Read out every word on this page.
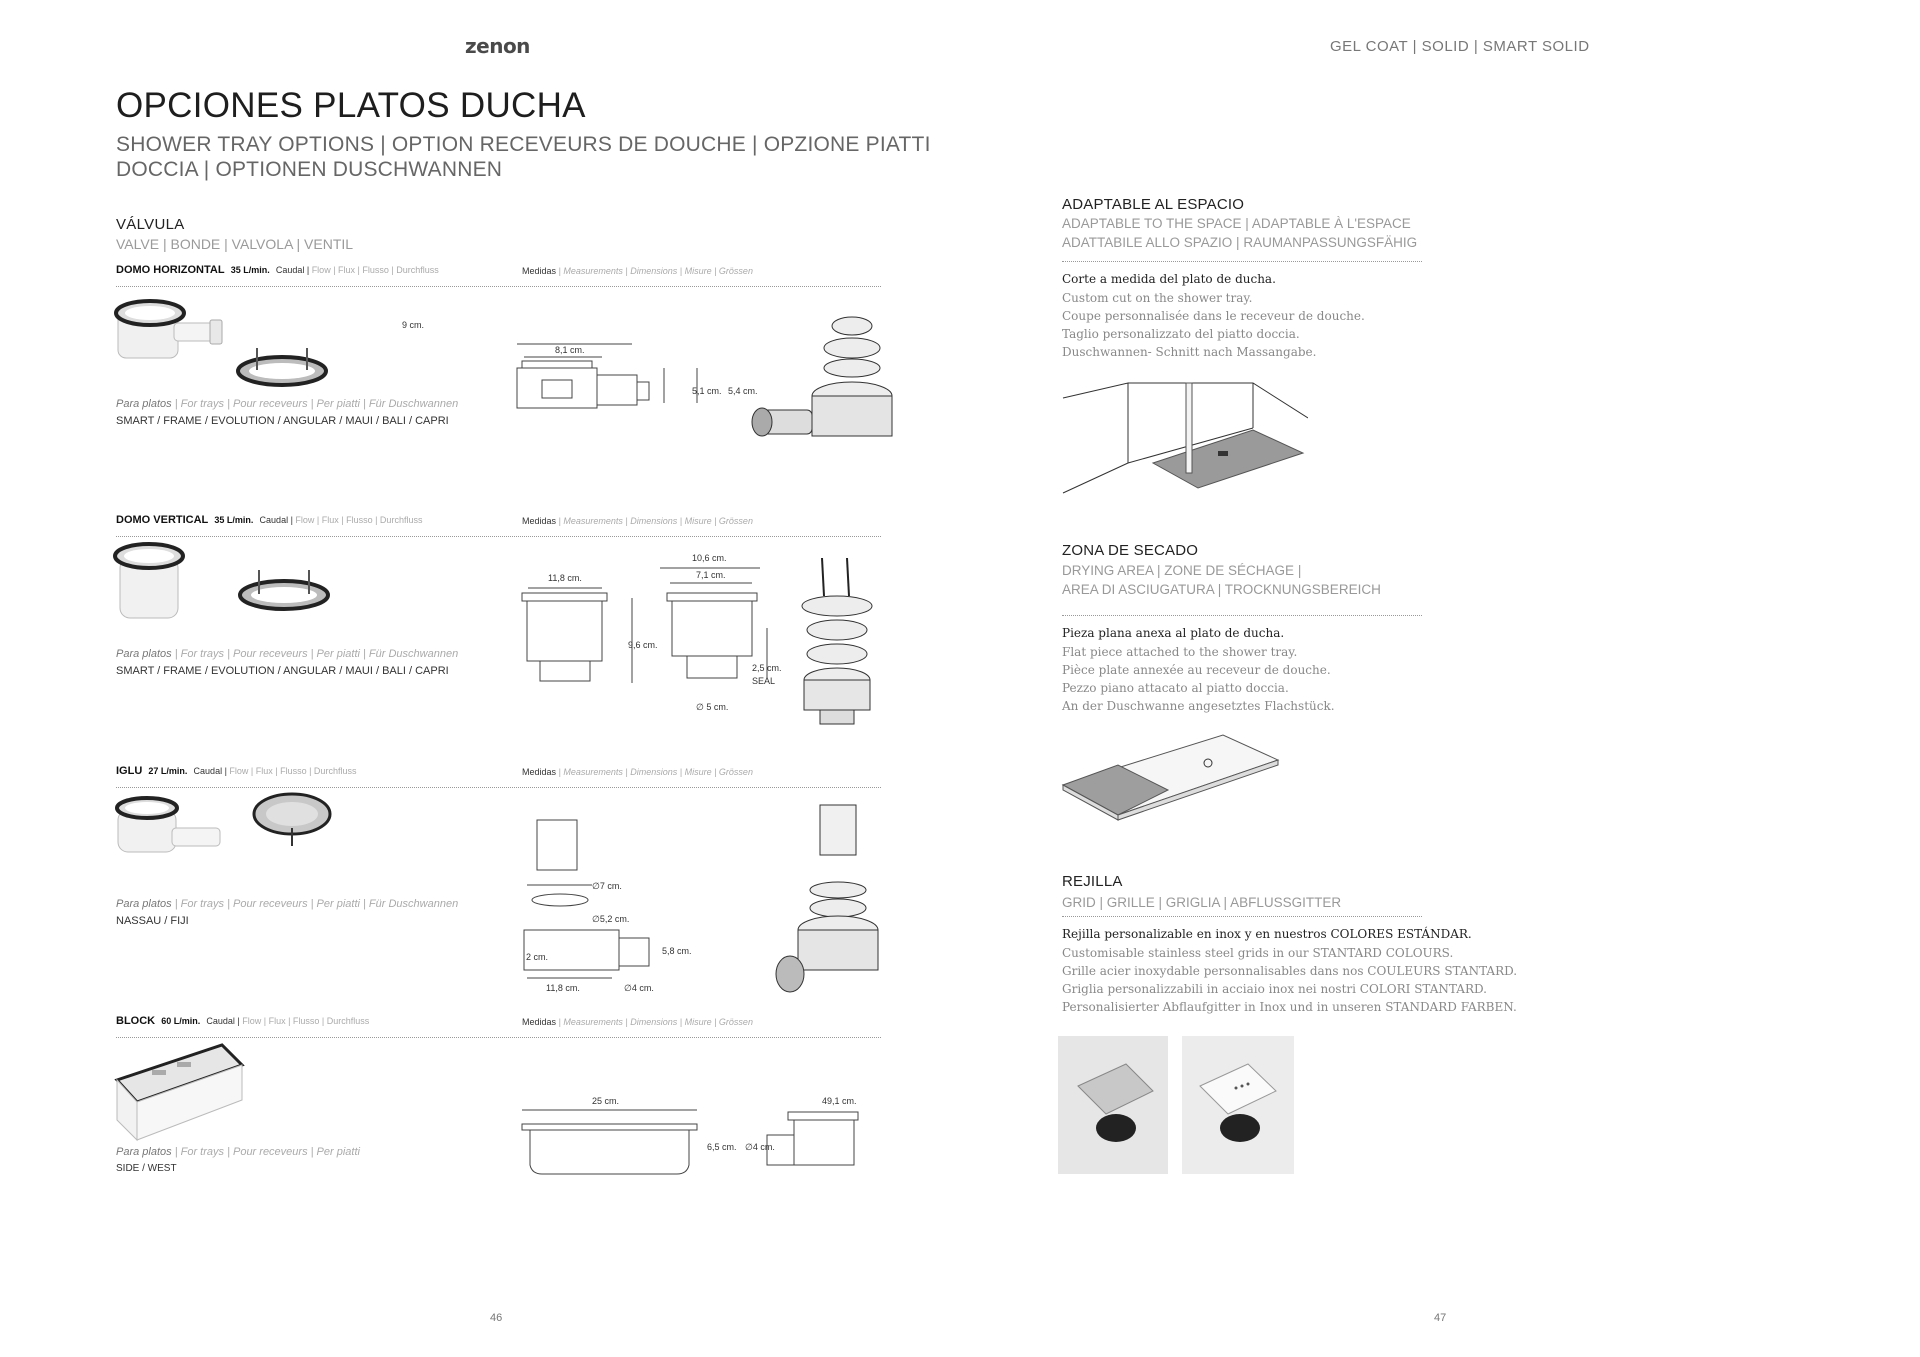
zenon	GEL COAT | SOLID | SMART SOLID
OPCIONES PLATOS DUCHA
SHOWER TRAY OPTIONS | OPTION RECEVEURS DE DOUCHE | OPZIONE PIATTI
DOCCIA | OPTIONEN DUSCHWANNEN
VÁLVULA
VALVE | BONDE | VALVOLA | VENTIL
DOMO HORIZONTAL 35 L/min. Caudal | Flow | Flux | Flusso | Durchfluss	Medidas | Measurements | Dimensions | Misure | Grössen
9 cm.
8,1 cm.
5,1 cm. 5,4 cm.
Para platos | For trays | Pour receveurs | Per piatti | Für Duschwannen
SMART / FRAME / EVOLUTION / ANGULAR / MAUI / BALI / CAPRI
DOMO VERTICAL 35 L/min. Caudal | Flow | Flux | Flusso | Durchfluss	Medidas | Measurements | Dimensions | Misure | Grössen
11,8 cm.
10,6 cm.
7,1 cm.
9,6 cm.
2,5 cm.
SEAL
∅ 5 cm.
Para platos | For trays | Pour receveurs | Per piatti | Für Duschwannen
SMART / FRAME / EVOLUTION / ANGULAR / MAUI / BALI / CAPRI
IGLU 27 L/min. Caudal | Flow | Flux | Flusso | Durchfluss	Medidas | Measurements | Dimensions | Misure | Grössen
∅7 cm.
∅5,2 cm.
2 cm.
5,8 cm.
11,8 cm.	∅4 cm.
Para platos | For trays | Pour receveurs | Per piatti | Für Duschwannen
NASSAU / FIJI
BLOCK 60 L/min. Caudal | Flow | Flux | Flusso | Durchfluss	Medidas | Measurements | Dimensions | Misure | Grössen
25 cm.	49,1 cm.
6,5 cm. ∅4 cm.
Para platos | For trays | Pour receveurs | Per piatti
SIDE / WEST
ADAPTABLE AL ESPACIO
ADAPTABLE TO THE SPACE | ADAPTABLE À L'ESPACE
ADATTABILE ALLO SPAZIO | RAUMANPASSUNGSFÄHIG
Corte a medida del plato de ducha.
Custom cut on the shower tray.
Coupe personnalisée dans le receveur de douche.
Taglio personalizzato del piatto doccia.
Duschwannen- Schnitt nach Massangabe.
ZONA DE SECADO
DRYING AREA | ZONE DE SÉCHAGE |
AREA DI ASCIUGATURA | TROCKNUNGSBEREICH
Pieza plana anexa al plato de ducha.
Flat piece attached to the shower tray.
Pièce plate annexée au receveur de douche.
Pezzo piano attacato al piatto doccia.
An der Duschwanne angesetztes Flachstück.
REJILLA
GRID | GRILLE | GRIGLIA | ABFLUSSGITTER
Rejilla personalizable en inox y en nuestros COLORES ESTÁNDAR.
Customisable stainless steel grids in our STANTARD COLOURS.
Grille acier inoxydable personnalisables dans nos COULEURS STANTARD.
Griglia personalizzabili in acciaio inox nei nostri COLORI STANTARD.
Personalisierter Abflaufgitter in Inox und in unseren STANDARD FARBEN.
46	47
